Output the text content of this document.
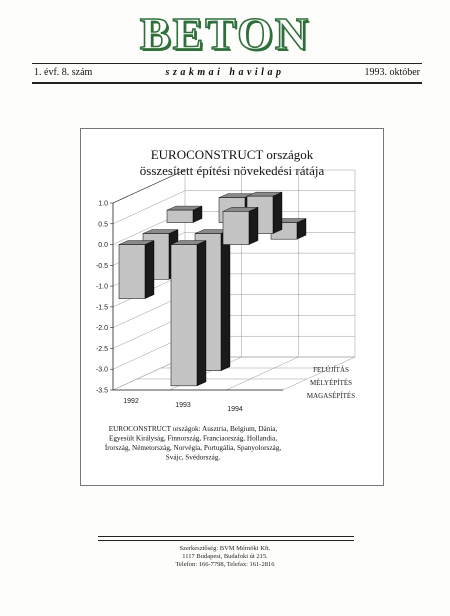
BETON
1. évf. 8. szám	szakmai havilap	1993. október
EUROCONSTRUCT országok
összesített építési növekedési rátája
1.0
0.5
0.0
-0.5
-1.0
-1.5
-2.0
-2.5
-3.0
-3.5
1992
1993
1994
MAGASÉPÍTÉS
MÉLYÉPÍTÉS
FELÚJÍTÁS
EUROCONSTRUCT országok: Ausztria, Belgium, Dánia,
Egyesült Királyság, Finnország, Franciaország, Hollandia,
Írország, Németország, Norvégia, Portugália, Spanyolország,
Svájc, Svédország.
Szerkesztőség: BVM Mérnöki Kft.
1117 Budapest, Budafoki út 215.
Telefon: 166-7798, Telefax: 161-2816
